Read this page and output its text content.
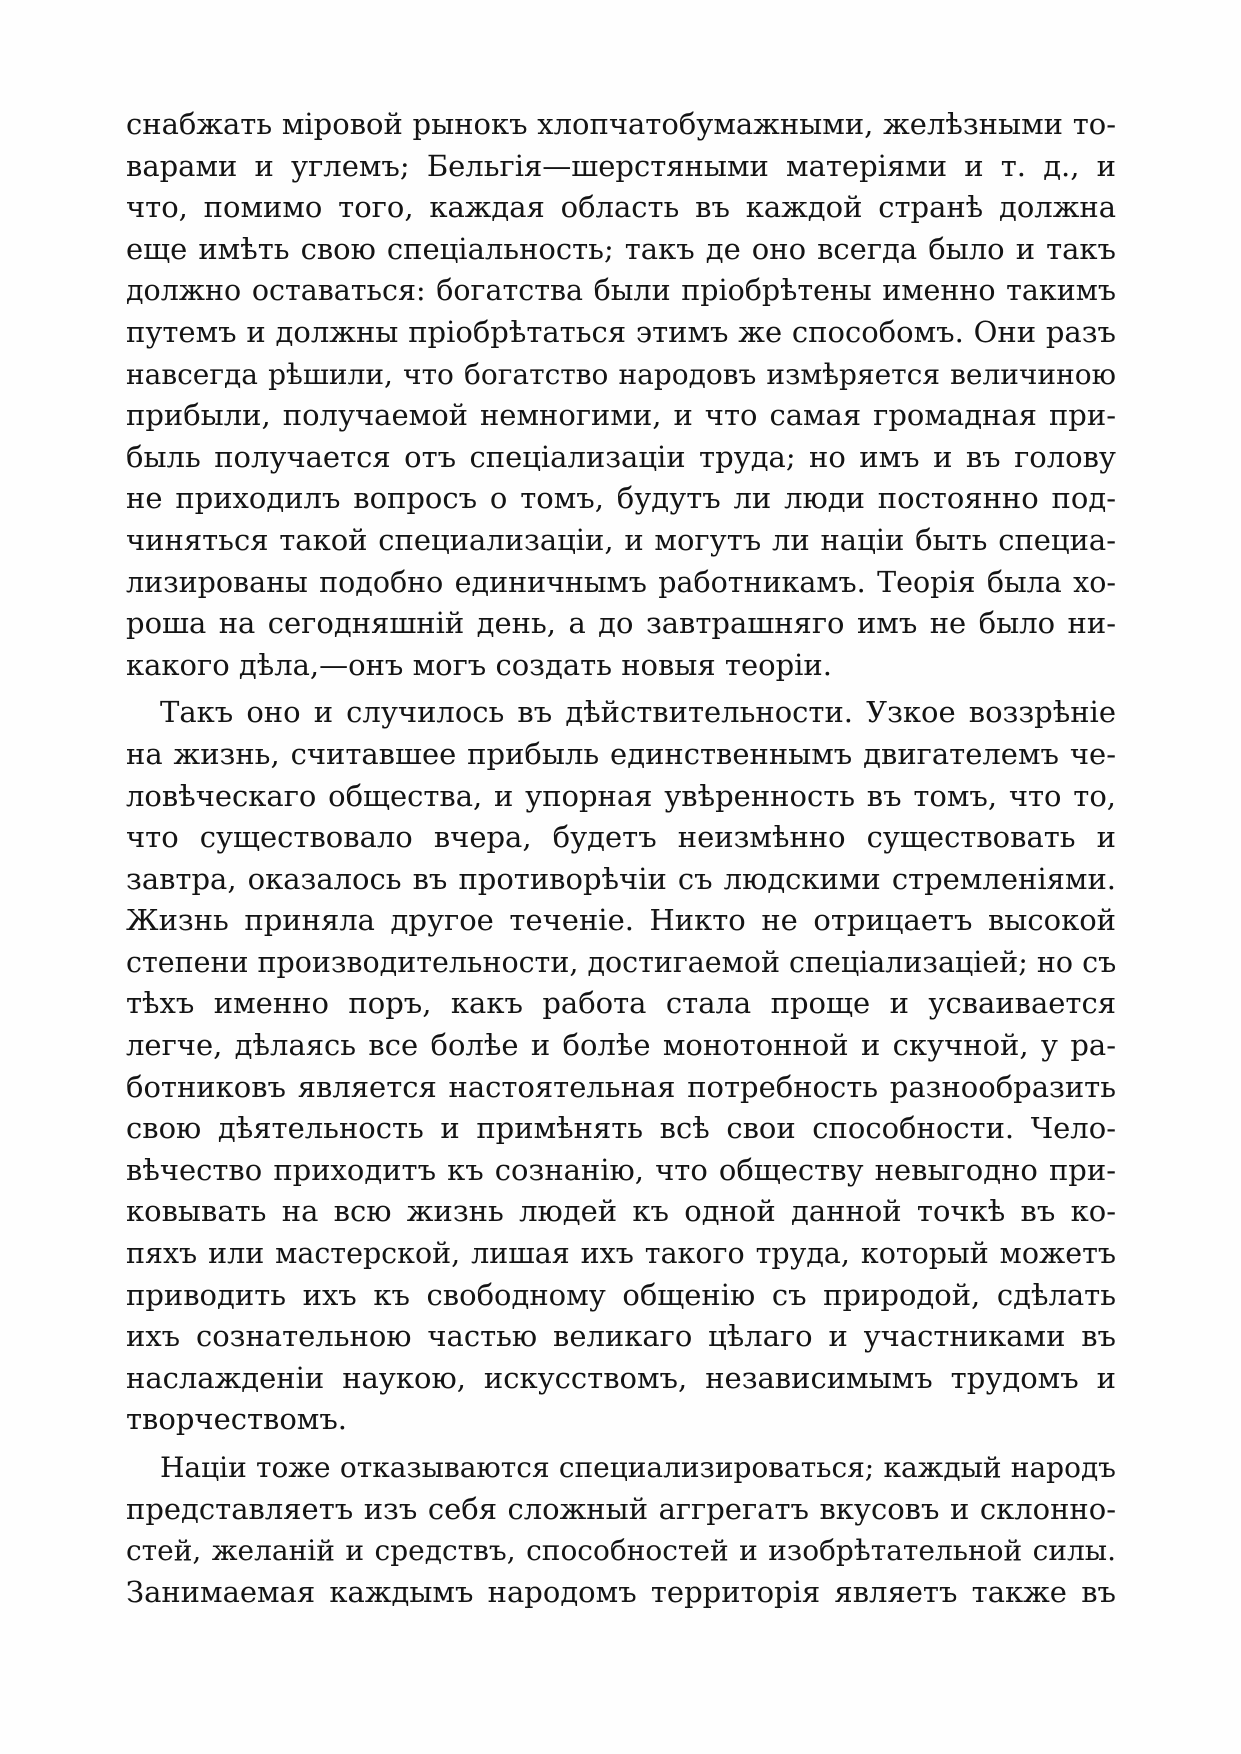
снабжать міровой рынокъ хлопчатобумажными, желѣзными то-
варами и углемъ; Бельгія—шерстяными матеріями и т. д., и
что, помимо того, каждая область въ каждой странѣ должна
еще имѣть свою спеціальность; такъ де оно всегда было и такъ
должно оставаться: богатства были пріобрѣтены именно такимъ
путемъ и должны пріобрѣтаться этимъ же способомъ. Они разъ
навсегда рѣшили, что богатство народовъ измѣряется величиною
прибыли, получаемой немногими, и что самая громадная при-
быль получается отъ спеціализаціи труда; но имъ и въ голову
не приходилъ вопросъ о томъ, будутъ ли люди постоянно под-
чиняться такой специализаціи, и могутъ ли націи быть специа-
лизированы подобно единичнымъ работникамъ. Теорія была хо-
роша на сегодняшній день, а до завтрашняго имъ не было ни-
какого дѣла,—онъ могъ создать новыя теоріи.
Такъ оно и случилось въ дѣйствительности. Узкое воззрѣніе
на жизнь, считавшее прибыль единственнымъ двигателемъ че-
ловѣческаго общества, и упорная увѣренность въ томъ, что то,
что существовало вчера, будетъ неизмѣнно существовать и
завтра, оказалось въ противорѣчіи съ людскими стремленіями.
Жизнь приняла другое теченіе. Никто не отрицаетъ высокой
степени производительности, достигаемой спеціализаціей; но съ
тѣхъ именно поръ, какъ работа стала проще и усваивается
легче, дѣлаясь все болѣе и болѣе монотонной и скучной, у ра-
ботниковъ является настоятельная потребность разнообразить
свою дѣятельность и примѣнять всѣ свои способности. Чело-
вѣчество приходитъ къ сознанію, что обществу невыгодно при-
ковывать на всю жизнь людей къ одной данной точкѣ въ ко-
пяхъ или мастерской, лишая ихъ такого труда, который можетъ
приводить ихъ къ свободному общенію съ природой, сдѣлать
ихъ сознательною частью великаго цѣлаго и участниками въ
наслажденіи наукою, искусствомъ, независимымъ трудомъ и
творчествомъ.
Націи тоже отказываются специализироваться; каждый народъ
представляетъ изъ себя сложный аггрегатъ вкусовъ и склонно-
стей, желаній и средствъ, способностей и изобрѣтательной силы.
Занимаемая каждымъ народомъ территорія являетъ также въ
